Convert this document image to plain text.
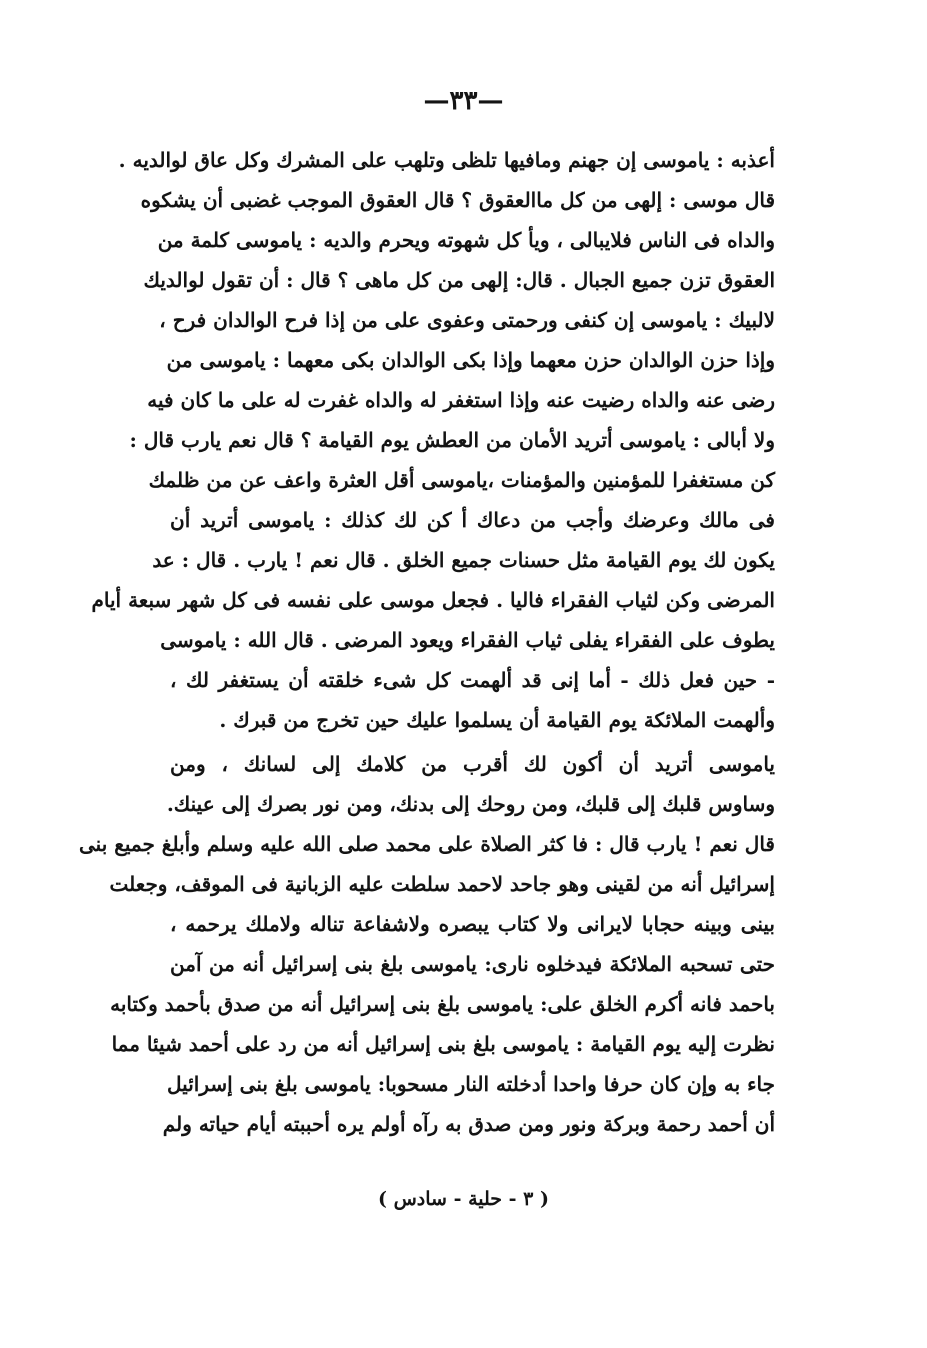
—٣٣—
أعذبه : ياموسى إن جهنم ومافيها تلظى وتلهب على المشرك وكل عاق لوالديه .
قال موسى : إلهى من كل ماالعقوق ؟ قال العقوق الموجب غضبى أن يشكوه
والداه فى الناس فلايبالى ، ويأ كل شهوته ويحرم والديه : ياموسى كلمة من
العقوق تزن جميع الجبال . قال: إلهى من كل ماهى ؟ قال : أن تقول لوالديك
لالبيك : ياموسى إن كنفى ورحمتى وعفوى على من إذا فرح الوالدان فرح ،
وإذا حزن الوالدان حزن معهما وإذا بكى الوالدان بكى معهما : ياموسى من
رضى عنه والداه رضيت عنه وإذا استغفر له والداه غفرت له على ما كان فيه
ولا أبالى : ياموسى أتريد الأمان من العطش يوم القيامة ؟ قال نعم يارب قال :
كن مستغفرا للمؤمنين والمؤمنات ،ياموسى أقل العثرة واعف عن من ظلمك
فى مالك وعرضك وأجب من دعاك أ كن لك كذلك : ياموسى أتريد أن
يكون لك يوم القيامة مثل حسنات جميع الخلق . قال نعم ! يارب . قال : عد
المرضى وكن لثياب الفقراء فاليا . فجعل موسى على نفسه فى كل شهر سبعة أيام
يطوف على الفقراء يفلى ثياب الفقراء ويعود المرضى . قال الله : ياموسى
- حين فعل ذلك - أما إنى قد ألهمت كل شىء خلقته أن يستغفر لك ،
وألهمت الملائكة يوم القيامة أن يسلموا عليك حين تخرج من قبرك .
ياموسى أتريد أن أكون لك أقرب من كلامك إلى لسانك ، ومن
وساوس قلبك إلى قلبك، ومن روحك إلى بدنك، ومن نور بصرك إلى عينك.
قال نعم ! يارب قال : فا كثر الصلاة على محمد صلى الله عليه وسلم وأبلغ جميع بنى
إسرائيل أنه من لقينى وهو جاحد لاحمد سلطت عليه الزبانية فى الموقف، وجعلت
بينى وبينه حجابا لايرانى ولا كتاب يبصره ولاشفاعة تناله ولاملك يرحمه ،
حتى تسحبه الملائكة فيدخلوه نارى: ياموسى بلغ بنى إسرائيل أنه من آمن
باحمد فانه أكرم الخلق على: ياموسى بلغ بنى إسرائيل أنه من صدق بأحمد وكتابه
نظرت إليه يوم القيامة : ياموسى بلغ بنى إسرائيل أنه من رد على أحمد شيئا مما
جاء به وإن كان حرفا واحدا أدخلته النار مسحوبا: ياموسى بلغ بنى إسرائيل
أن أحمد رحمة وبركة ونور ومن صدق به رآه أولم يره أحببته أيام حياته ولم
( ٣ - حلية - سادس )
